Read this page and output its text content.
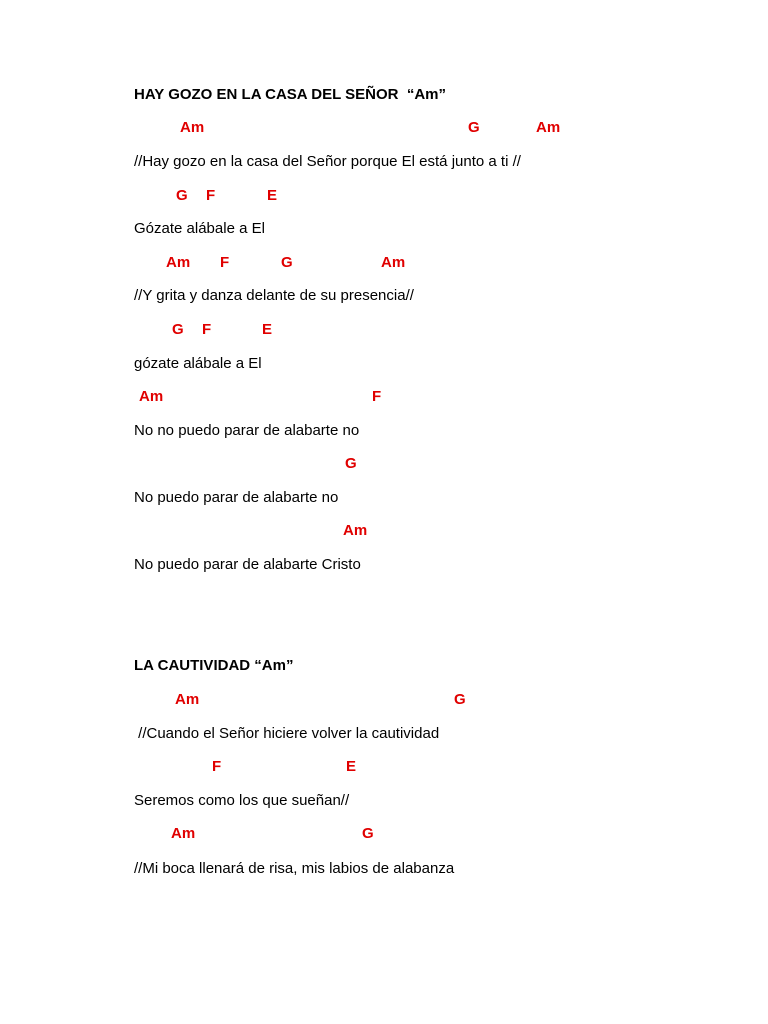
HAY GOZO EN LA CASA DEL SEÑOR  “Am”
Am	G	Am
//Hay gozo en la casa del Señor porque El está junto a ti //
G F	E
Gózate alábale a El
Am F	G	Am
//Y grita y danza delante de su presencia//
G F	E
gózate alábale a El
Am	F
No no puedo parar de alabarte no
G
No puedo parar de alabarte no
Am
No puedo parar de alabarte Cristo
LA CAUTIVIDAD “Am”
Am	G
//Cuando el Señor hiciere volver la cautividad
F	E
Seremos como los que sueñan//
Am	G
//Mi boca llenará de risa, mis labios de alabanza
